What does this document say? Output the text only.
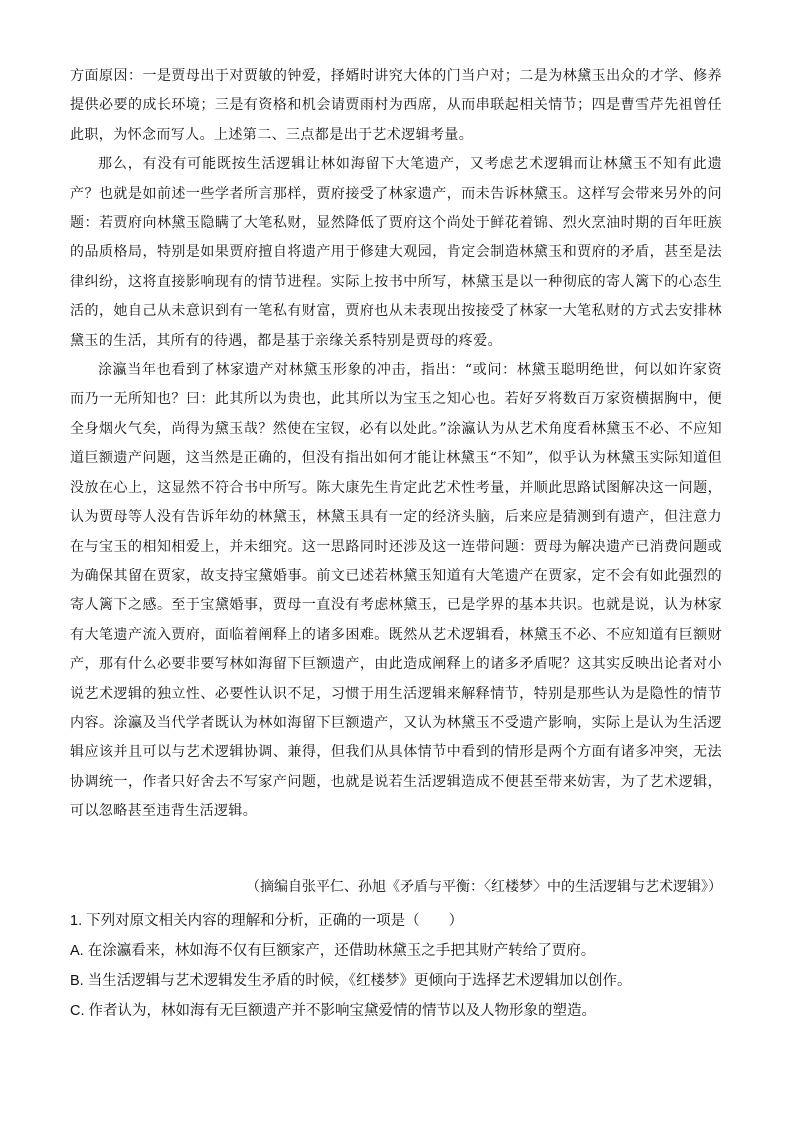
方面原因：一是贾母出于对贾敏的钟爱，择婿时讲究大体的门当户对；二是为林黛玉出众的才学、修养提供必要的成长环境；三是有资格和机会请贾雨村为西席，从而串联起相关情节；四是曹雪芹先祖曾任此职，为怀念而写人。上述第二、三点都是出于艺术逻辑考量。

那么，有没有可能既按生活逻辑让林如海留下大笔遗产，又考虑艺术逻辑而让林黛玉不知有此遗产？也就是如前述一些学者所言那样，贾府接受了林家遗产，而未告诉林黛玉。这样写会带来另外的问题：若贾府向林黛玉隐瞒了大笔私财，显然降低了贾府这个尚处于鲜花着锦、烈火烹油时期的百年旺族的品质格局，特别是如果贾府擅自将遗产用于修建大观园，肯定会制造林黛玉和贾府的矛盾，甚至是法律纠纷，这将直接影响现有的情节进程。实际上按书中所写，林黛玉是以一种彻底的寄人篱下的心态生活的，她自己从未意识到有一笔私有财富，贾府也从未表现出按接受了林家一大笔私财的方式去安排林黛玉的生活，其所有的待遇，都是基于亲缘关系特别是贾母的疼爱。

涂瀛当年也看到了林家遗产对林黛玉形象的冲击，指出：“或问：林黛玉聪明绝世，何以如许家资而乃一无所知也？曰：此其所以为贵也，此其所以为宝玉之知心也。若好歹将数百万家资横据胸中，便全身烟火气矣，尚得为黛玉哉？然使在宝钗，必有以处此。”涂瀛认为从艺术角度看林黛玉不必、不应知道巨额遗产问题，这当然是正确的，但没有指出如何才能让林黛玉“不知”，似乎认为林黛玉实际知道但没放在心上，这显然不符合书中所写。陈大康先生肯定此艺术性考量，并顺此思路试图解决这一问题，认为贾母等人没有告诉年幼的林黛玉，林黛玉具有一定的经济头脑，后来应是猜测到有遗产，但注意力在与宝玉的相知相爱上，并未细究。这一思路同时还涉及这一连带问题：贾母为解决遗产已消费问题或为确保其留在贾家，故支持宝黛婚事。前文已述若林黛玉知道有大笔遗产在贾家，定不会有如此强烈的寄人篱下之感。至于宝黛婚事，贾母一直没有考虑林黛玉，已是学界的基本共识。也就是说，认为林家有大笔遗产流入贾府，面临着阐释上的诸多困难。既然从艺术逻辑看，林黛玉不必、不应知道有巨额财产，那有什么必要非要写林如海留下巨额遗产，由此造成阐释上的诸多矛盾呢？这其实反映出论者对小说艺术逻辑的独立性、必要性认识不足，习惯于用生活逻辑来解释情节，特别是那些认为是隐性的情节内容。涂瀛及当代学者既认为林如海留下巨额遗产，又认为林黛玉不受遗产影响，实际上是认为生活逻辑应该并且可以与艺术逻辑协调、兼得，但我们从具体情节中看到的情形是两个方面有诸多冲突，无法协调统一，作者只好舍去不写家产问题，也就是说若生活逻辑造成不便甚至带来妨害，为了艺术逻辑，可以忽略甚至违背生活逻辑。

（摘编自张平仁、孙旭《矛盾与平衡：〈红楼梦〉中的生活逻辑与艺术逻辑》）
1. 下列对原文相关内容的理解和分析，正确的一项是（　　）
A. 在涂瀛看来，林如海不仅有巨额家产，还借助林黛玉之手把其财产转给了贾府。
B. 当生活逻辑与艺术逻辑发生矛盾的时候，《红楼梦》更倾向于选择艺术逻辑加以创作。
C. 作者认为，林如海有无巨额遗产并不影响宝黛爱情的情节以及人物形象的塑造。
